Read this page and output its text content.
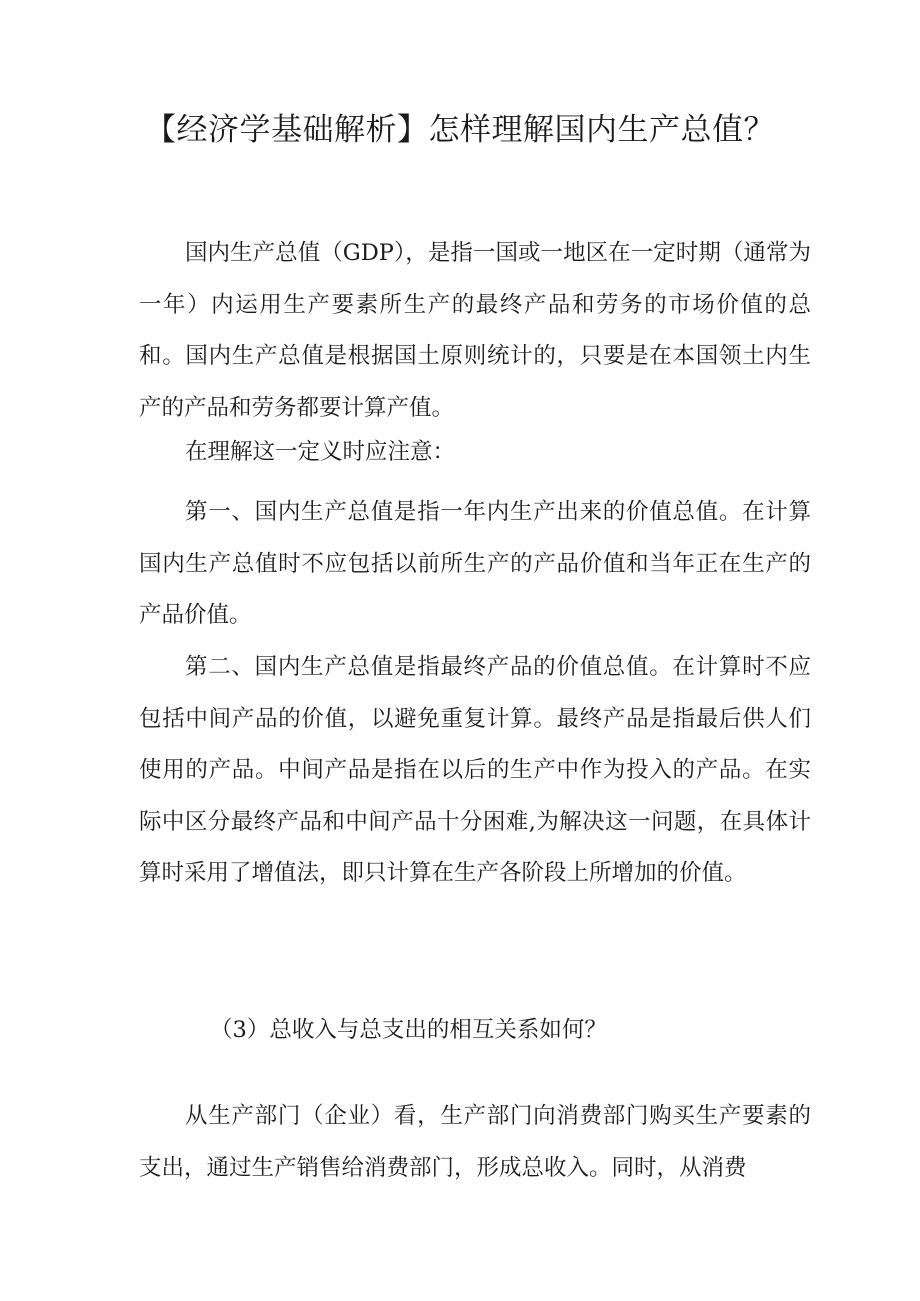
【经济学基础解析】怎样理解国内生产总值？

国内生产总值（GDP），是指一国或一地区在一定时期（通常为一年）内运用生产要素所生产的最终产品和劳务的市场价值的总和。国内生产总值是根据国土原则统计的，只要是在本国领土内生产的产品和劳务都要计算产值。

在理解这一定义时应注意：

第一、国内生产总值是指一年内生产出来的价值总值。在计算国内生产总值时不应包括以前所生产的产品价值和当年正在生产的产品价值。

第二、国内生产总值是指最终产品的价值总值。在计算时不应包括中间产品的价值，以避免重复计算。最终产品是指最后供人们使用的产品。中间产品是指在以后的生产中作为投入的产品。在实际中区分最终产品和中间产品十分困难,为解决这一问题，在具体计算时采用了增值法，即只计算在生产各阶段上所增加的价值。

（3）总收入与总支出的相互关系如何？

从生产部门（企业）看，生产部门向消费部门购买生产要素的支出，通过生产销售给消费部门，形成总收入。同时，从消费
